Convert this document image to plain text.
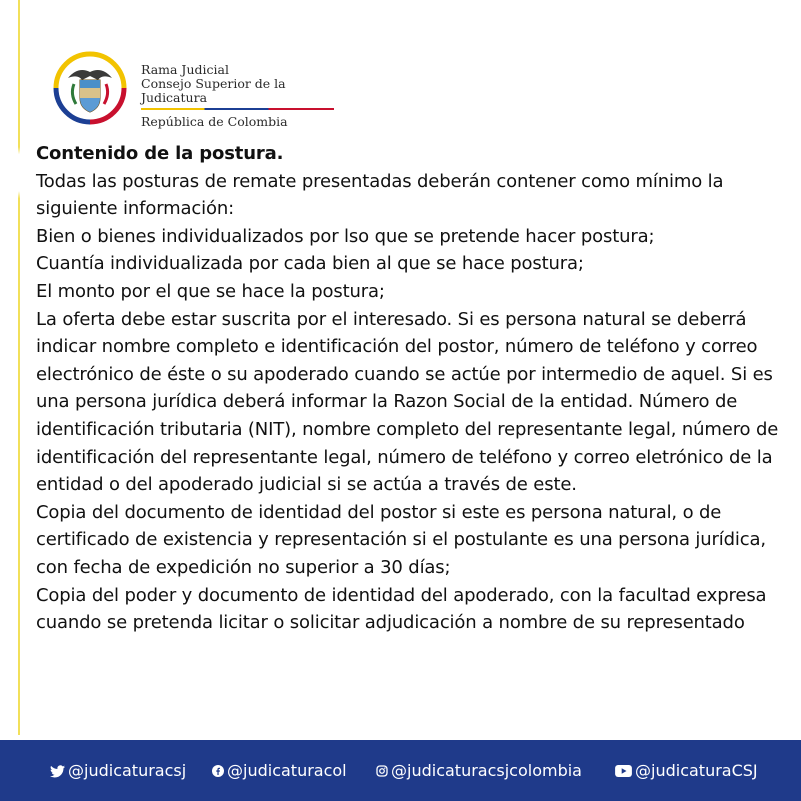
Rama Judicial
Consejo Superior de la Judicatura
República de Colombia

Contenido de la postura.

Todas las posturas de remate presentadas deberán contener como mínimo la siguiente información:

Bien o bienes individualizados por lso que se pretende hacer postura;

Cuantía individualizada por cada bien al que se hace postura;

El monto por el que se hace la postura;

La oferta debe estar suscrita por el interesado. Si es persona natural se deberrá indicar nombre completo e identificación del postor, número de teléfono y correo electrónico de éste o su apoderado cuando se actúe por intermedio de aquel. Si es una persona jurídica deberá informar la Razon Social de la entidad. Número de identificación tributaria (NIT), nombre completo del representante legal, número de identificación del representante legal, número de teléfono y correo eletrónico de la entidad o del apoderado judicial si se actúa a través de este.

Copia del documento de identidad del postor si este es persona natural, o de certificado de existencia y representación si el postulante es una persona jurídica, con fecha de expedición no superior a 30 días;

Copia del poder y documento de identidad del apoderado, con la facultad expresa cuando se pretenda licitar o solicitar adjudicación a nombre de su representado

@judicaturacsj	@judicaturacol	@judicaturacsjcolombia	@judicaturaCSJ
